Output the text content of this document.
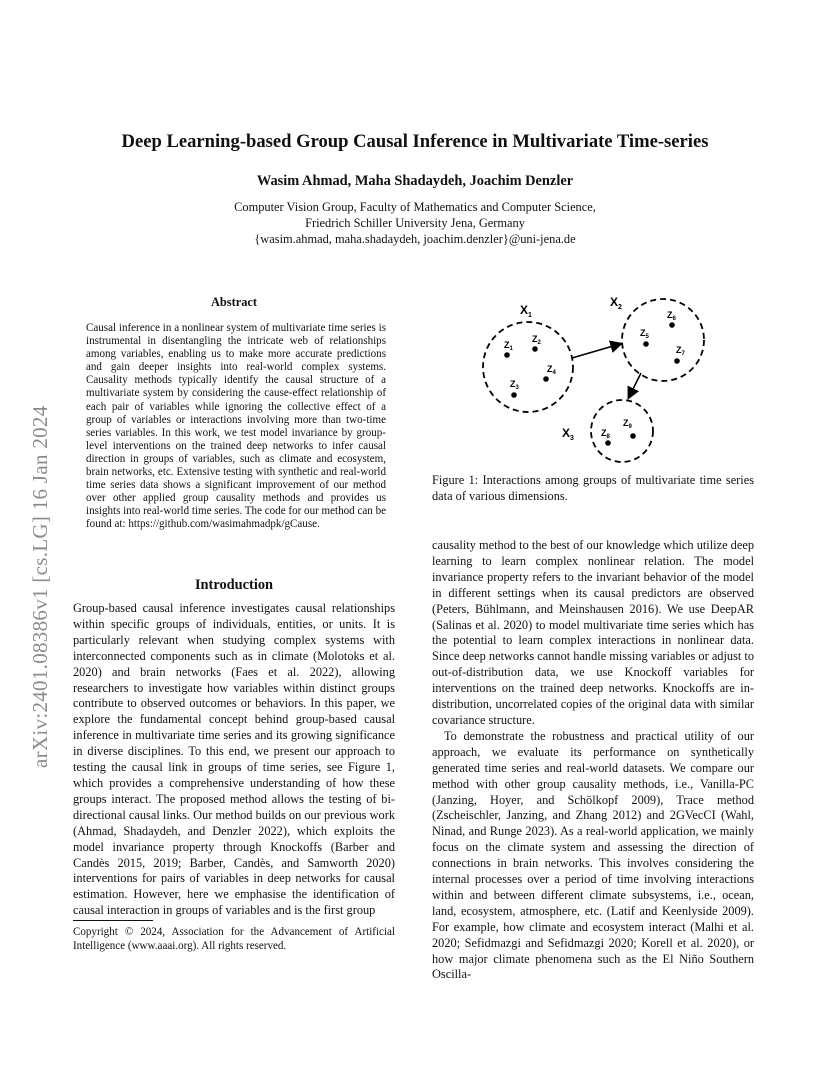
arXiv:2401.08386v1 [cs.LG] 16 Jan 2024
Deep Learning-based Group Causal Inference in Multivariate Time-series
Wasim Ahmad, Maha Shadaydeh, Joachim Denzler
Computer Vision Group, Faculty of Mathematics and Computer Science,
Friedrich Schiller University Jena, Germany
{wasim.ahmad, maha.shadaydeh, joachim.denzler}@uni-jena.de
Abstract
Causal inference in a nonlinear system of multivariate time series is instrumental in disentangling the intricate web of relationships among variables, enabling us to make more accurate predictions and gain deeper insights into real-world complex systems. Causality methods typically identify the causal structure of a multivariate system by considering the cause-effect relationship of each pair of variables while ignoring the collective effect of a group of variables or interactions involving more than two-time series variables. In this work, we test model invariance by group-level interventions on the trained deep networks to infer causal direction in groups of variables, such as climate and ecosystem, brain networks, etc. Extensive testing with synthetic and real-world time series data shows a significant improvement of our method over other applied group causality methods and provides us insights into real-world time series. The code for our method can be found at: https://github.com/wasimahmadpk/gCause.
Introduction

Group-based causal inference investigates causal relationships within specific groups of individuals, entities, or units. It is particularly relevant when studying complex systems with interconnected components such as in climate (Molotoks et al. 2020) and brain networks (Faes et al. 2022), allowing researchers to investigate how variables within distinct groups contribute to observed outcomes or behaviors. In this paper, we explore the fundamental concept behind group-based causal inference in multivariate time series and its growing significance in diverse disciplines. To this end, we present our approach to testing the causal link in groups of time series, see Figure 1, which provides a comprehensive understanding of how these groups interact. The proposed method allows the testing of bi-directional causal links. Our method builds on our previous work (Ahmad, Shadaydeh, and Denzler 2022), which exploits the model invariance property through Knockoffs (Barber and Candès 2015, 2019; Barber, Candès, and Samworth 2020) interventions for pairs of variables in deep networks for causal estimation. However, here we emphasise the identification of causal interaction in groups of variables and is the first group

Copyright © 2024, Association for the Advancement of Artificial Intelligence (www.aaai.org). All rights reserved.
$X_1$
$X_2$
$X_3$
$Z_1$
$Z_2$
$Z_3$
$Z_4$
$Z_5$
$Z_6$
$Z_7$
$Z_8$
$Z_9$
Figure 1: Interactions among groups of multivariate time series data of various dimensions.

causality method to the best of our knowledge which utilize deep learning to learn complex nonlinear relation. The model invariance property refers to the invariant behavior of the model in different settings when its causal predictors are observed (Peters, Bühlmann, and Meinshausen 2016). We use DeepAR (Salinas et al. 2020) to model multivariate time series which has the potential to learn complex interactions in nonlinear data. Since deep networks cannot handle missing variables or adjust to out-of-distribution data, we use Knockoff variables for interventions on the trained deep networks. Knockoffs are in-distribution, uncorrelated copies of the original data with similar covariance structure.

To demonstrate the robustness and practical utility of our approach, we evaluate its performance on synthetically generated time series and real-world datasets. We compare our method with other group causality methods, i.e., Vanilla-PC (Janzing, Hoyer, and Schölkopf 2009), Trace method (Zscheischler, Janzing, and Zhang 2012) and 2GVecCI (Wahl, Ninad, and Runge 2023). As a real-world application, we mainly focus on the climate system and assessing the direction of connections in brain networks. This involves considering the internal processes over a period of time involving interactions within and between different climate subsystems, i.e., ocean, land, ecosystem, atmosphere, etc. (Latif and Keenlyside 2009). For example, how climate and ecosystem interact (Malhi et al. 2020; Sefidmazgi and Sefidmazgi 2020; Korell et al. 2020), or how major climate phenomena such as the El Niño Southern Oscilla-
